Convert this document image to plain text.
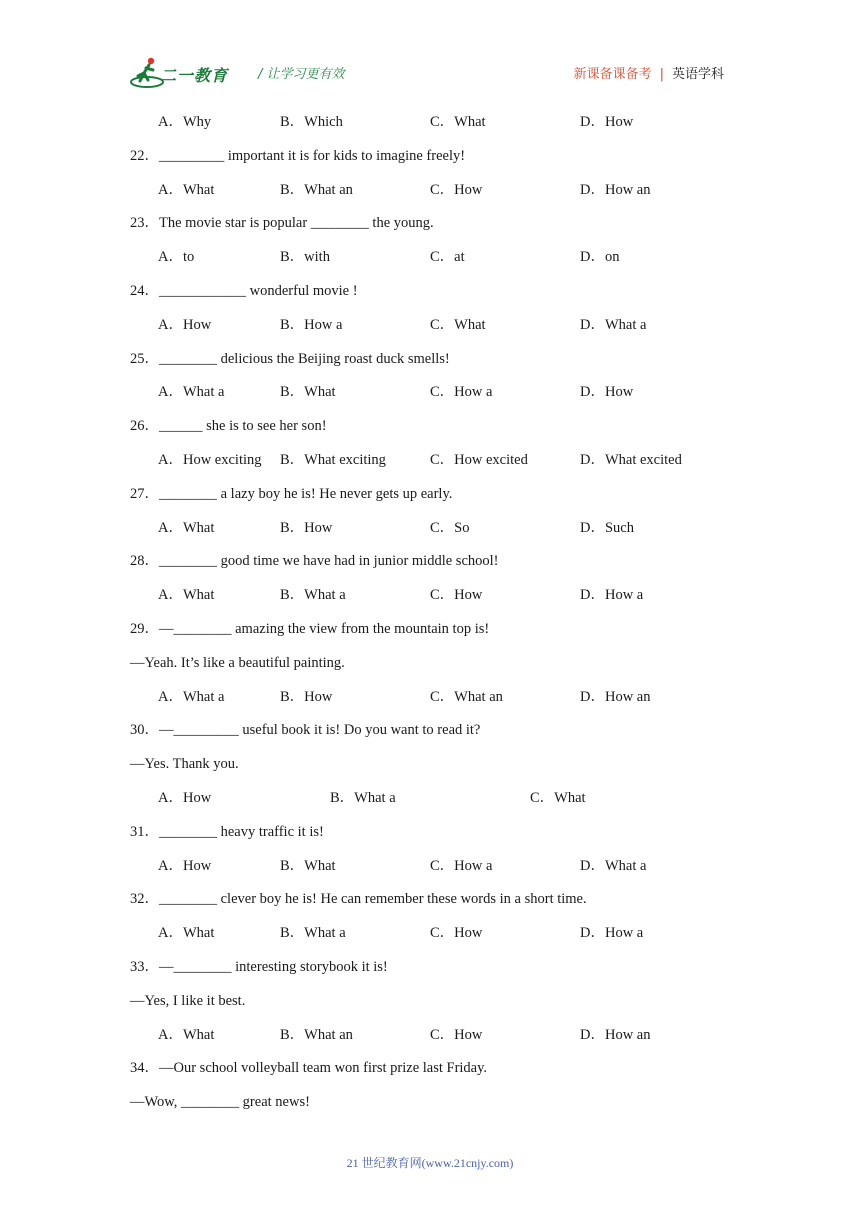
二一教育 / 让学习更有效	新课备课备考 | 英语学科
A．Why	B．Which	C．What	D．How
22．_________ important it is for kids to imagine freely!
A．What	B．What an	C．How	D．How an
23．The movie star is popular ________ the young.
A．to	B．with	C．at	D．on
24．____________ wonderful movie !
A．How	B．How a	C．What	D．What a
25．________ delicious the Beijing roast duck smells!
A．What a	B．What	C．How a	D．How
26．______ she is to see her son!
A．How exciting B．What exciting	C．How excited	D．What excited
27．________ a lazy boy he is! He never gets up early.
A．What	B．How	C．So	D．Such
28．________ good time we have had in junior middle school!
A．What	B．What a	C．How	D．How a
29．—________ amazing the view from the mountain top is!
—Yeah. It’s like a beautiful painting.
A．What a	B．How	C．What an	D．How an
30．—_________ useful book it is! Do you want to read it?
—Yes. Thank you.
A．How	B．What a	C．What
31．________ heavy traffic it is!
A．How	B．What	C．How a	D．What a
32．________ clever boy he is! He can remember these words in a short time.
A．What	B．What a	C．How	D．How a
33．—________ interesting storybook it is!
—Yes, I like it best.
A．What	B．What an	C．How	D．How an
34．—Our school volleyball team won first prize last Friday.
—Wow, ________ great news!
21 世纪教育网(www.21cnjy.com)
